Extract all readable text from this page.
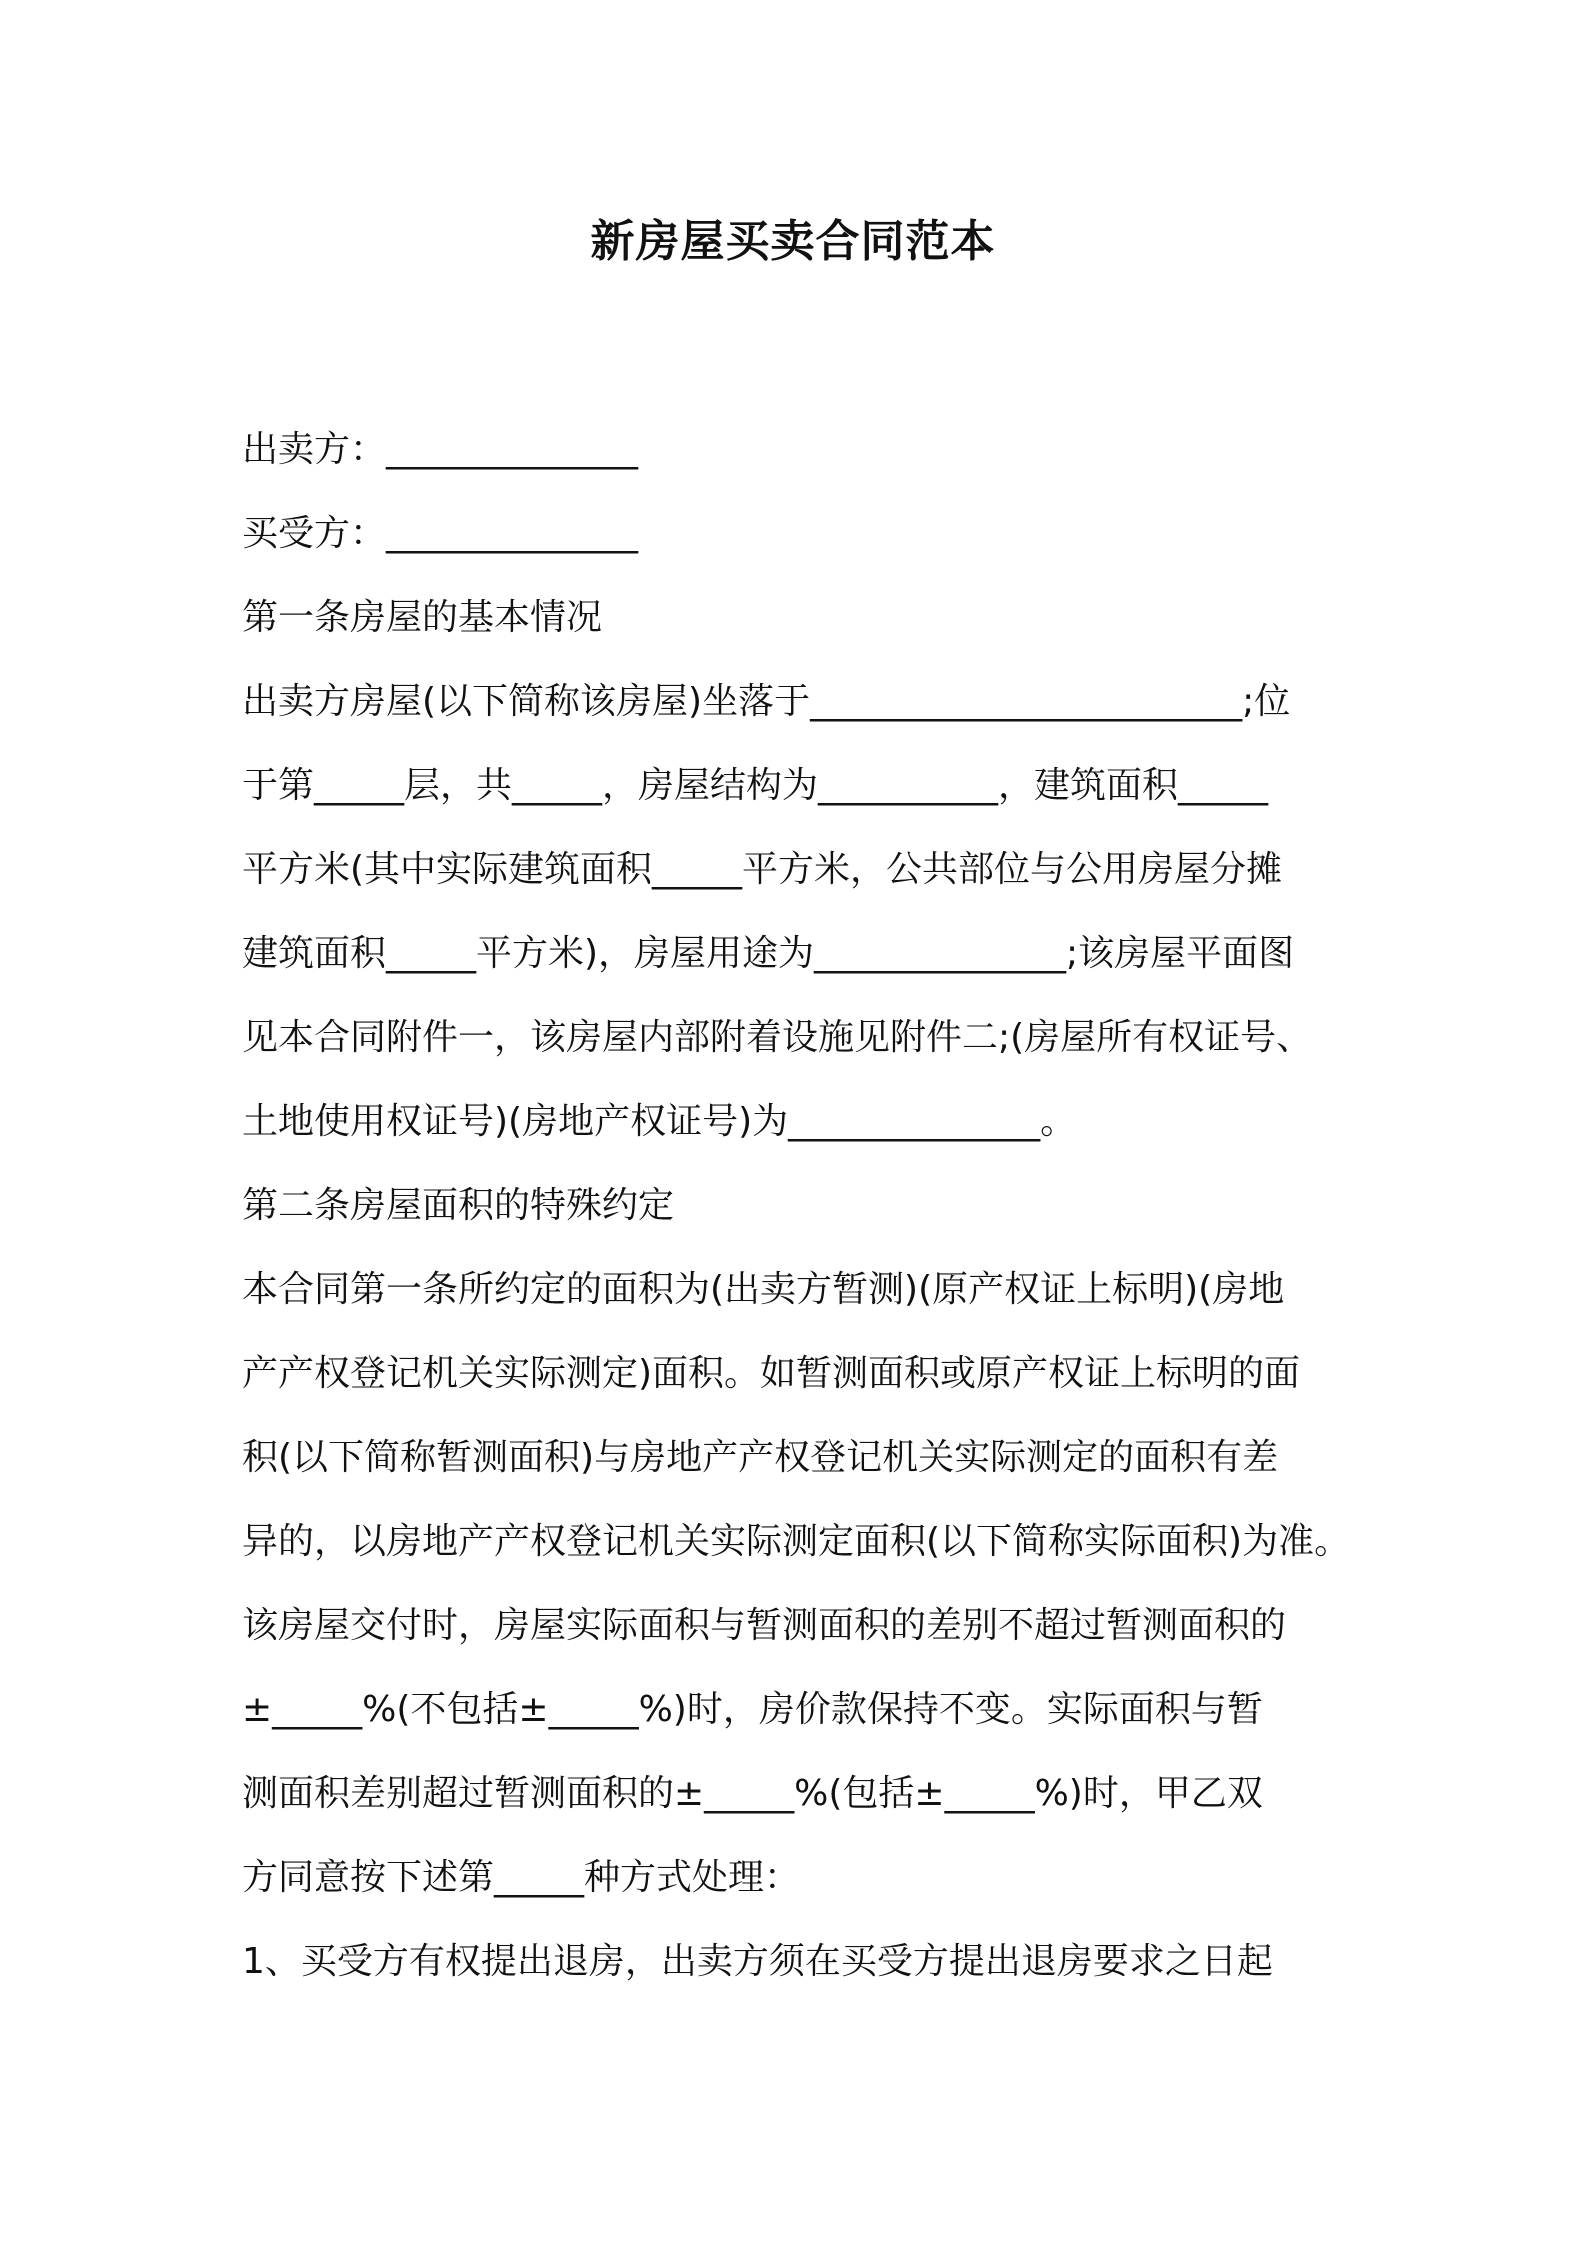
新房屋买卖合同范本
出卖方：______________
买受方：______________
第一条房屋的基本情况
出卖方房屋(以下简称该房屋)坐落于________________________;位
于第_____层，共_____，房屋结构为__________，建筑面积_____
平方米(其中实际建筑面积_____平方米，公共部位与公用房屋分摊
建筑面积_____平方米)，房屋用途为______________;该房屋平面图
见本合同附件一，该房屋内部附着设施见附件二;(房屋所有权证号、
土地使用权证号)(房地产权证号)为______________。
第二条房屋面积的特殊约定
本合同第一条所约定的面积为(出卖方暂测)(原产权证上标明)(房地
产产权登记机关实际测定)面积。如暂测面积或原产权证上标明的面
积(以下简称暂测面积)与房地产产权登记机关实际测定的面积有差
异的，以房地产产权登记机关实际测定面积(以下简称实际面积)为准。
该房屋交付时，房屋实际面积与暂测面积的差别不超过暂测面积的
±_____%(不包括±_____%)时，房价款保持不变。实际面积与暂
测面积差别超过暂测面积的±_____%(包括±_____%)时，甲乙双
方同意按下述第_____种方式处理：
1、买受方有权提出退房，出卖方须在买受方提出退房要求之日起
